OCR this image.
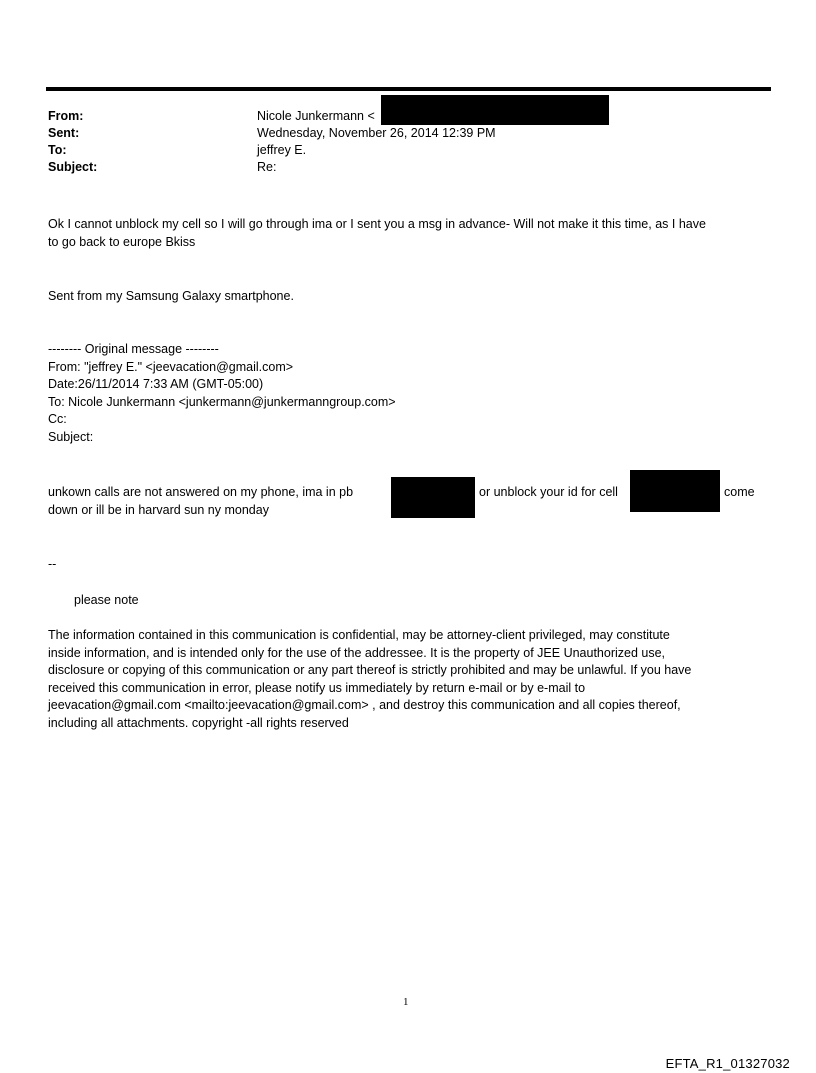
From:	Nicole Junkermann <
Sent:	Wednesday, November 26, 2014 12:39 PM
To:	jeffrey E.
Subject:	Re:
Ok I cannot unblock my cell so I will go through ima or I sent you a msg in advance- Will not make it this time, as I have
to go back to europe Bkiss
Sent from my Samsung Galaxy smartphone.
-------- Original message --------
From: "jeffrey E." <jeevacation@gmail.com>
Date:26/11/2014 7:33 AM (GMT-05:00)
To: Nicole Junkermann <junkermann@junkermanngroup.com>
Cc:
Subject:
unkown calls are not answered on my phone, ima in pb	or unblock your id for cell	come
down or ill be in harvard sun ny monday
--
please note
The information contained in this communication is confidential, may be attorney-client privileged, may constitute
inside information, and is intended only for the use of the addressee. It is the property of JEE Unauthorized use,
disclosure or copying of this communication or any part thereof is strictly prohibited and may be unlawful. If you have
received this communication in error, please notify us immediately by return e-mail or by e-mail to
jeevacation@gmail.com <mailto:jeevacation@gmail.com> , and destroy this communication and all copies thereof,
including all attachments. copyright -all rights reserved
1
EFTA_R1_01327032
